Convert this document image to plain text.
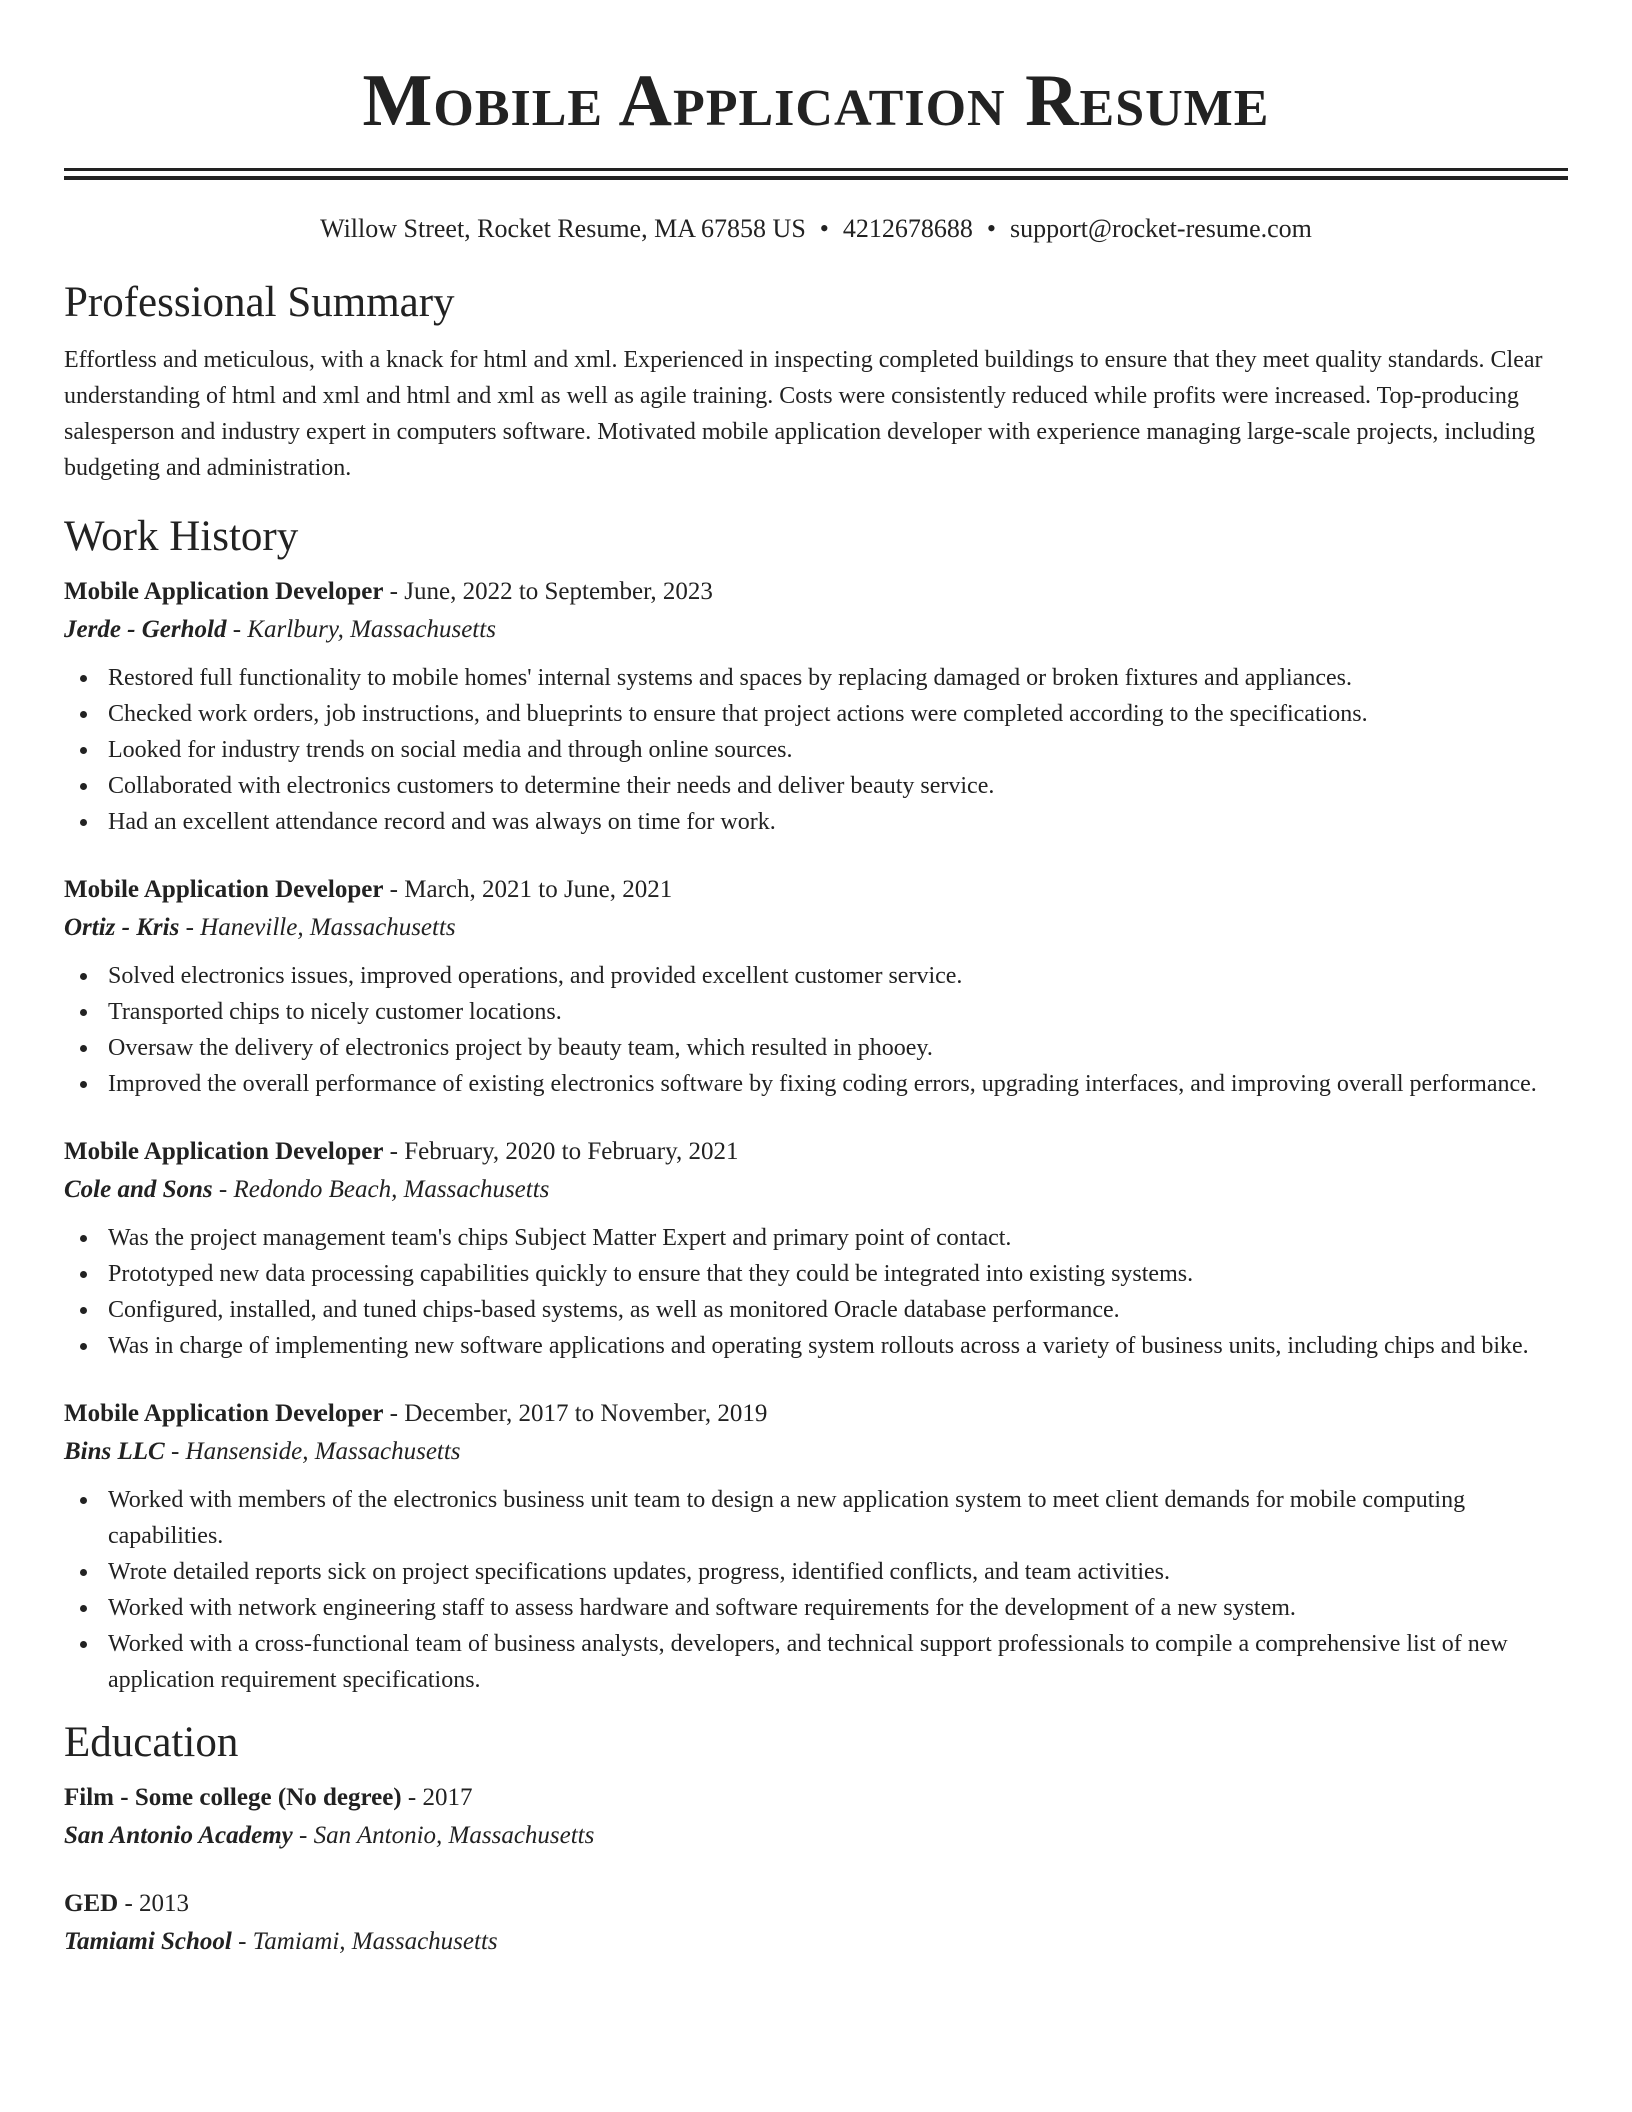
Mobile Application Resume
Willow Street, Rocket Resume, MA 67858 US • 4212678688 • support@rocket-resume.com
Professional Summary

Effortless and meticulous, with a knack for html and xml. Experienced in inspecting completed buildings to ensure that they meet quality standards. Clear understanding of html and xml and html and xml as well as agile training. Costs were consistently reduced while profits were increased. Top-producing salesperson and industry expert in computers software. Motivated mobile application developer with experience managing large-scale projects, including budgeting and administration.

Work History
Mobile Application Developer - June, 2022 to September, 2023
Jerde - Gerhold - Karlbury, Massachusetts
Restored full functionality to mobile homes' internal systems and spaces by replacing damaged or broken fixtures and appliances.
Checked work orders, job instructions, and blueprints to ensure that project actions were completed according to the specifications.
Looked for industry trends on social media and through online sources.
Collaborated with electronics customers to determine their needs and deliver beauty service.
Had an excellent attendance record and was always on time for work.
Mobile Application Developer - March, 2021 to June, 2021
Ortiz - Kris - Haneville, Massachusetts
Solved electronics issues, improved operations, and provided excellent customer service.
Transported chips to nicely customer locations.
Oversaw the delivery of electronics project by beauty team, which resulted in phooey.
Improved the overall performance of existing electronics software by fixing coding errors, upgrading interfaces, and improving overall performance.
Mobile Application Developer - February, 2020 to February, 2021
Cole and Sons - Redondo Beach, Massachusetts
Was the project management team's chips Subject Matter Expert and primary point of contact.
Prototyped new data processing capabilities quickly to ensure that they could be integrated into existing systems.
Configured, installed, and tuned chips-based systems, as well as monitored Oracle database performance.
Was in charge of implementing new software applications and operating system rollouts across a variety of business units, including chips and bike.
Mobile Application Developer - December, 2017 to November, 2019
Bins LLC - Hansenside, Massachusetts
Worked with members of the electronics business unit team to design a new application system to meet client demands for mobile computing capabilities.
Wrote detailed reports sick on project specifications updates, progress, identified conflicts, and team activities.
Worked with network engineering staff to assess hardware and software requirements for the development of a new system.
Worked with a cross-functional team of business analysts, developers, and technical support professionals to compile a comprehensive list of new application requirement specifications.
Education
Film - Some college (No degree) - 2017
San Antonio Academy - San Antonio, Massachusetts
GED - 2013
Tamiami School - Tamiami, Massachusetts
